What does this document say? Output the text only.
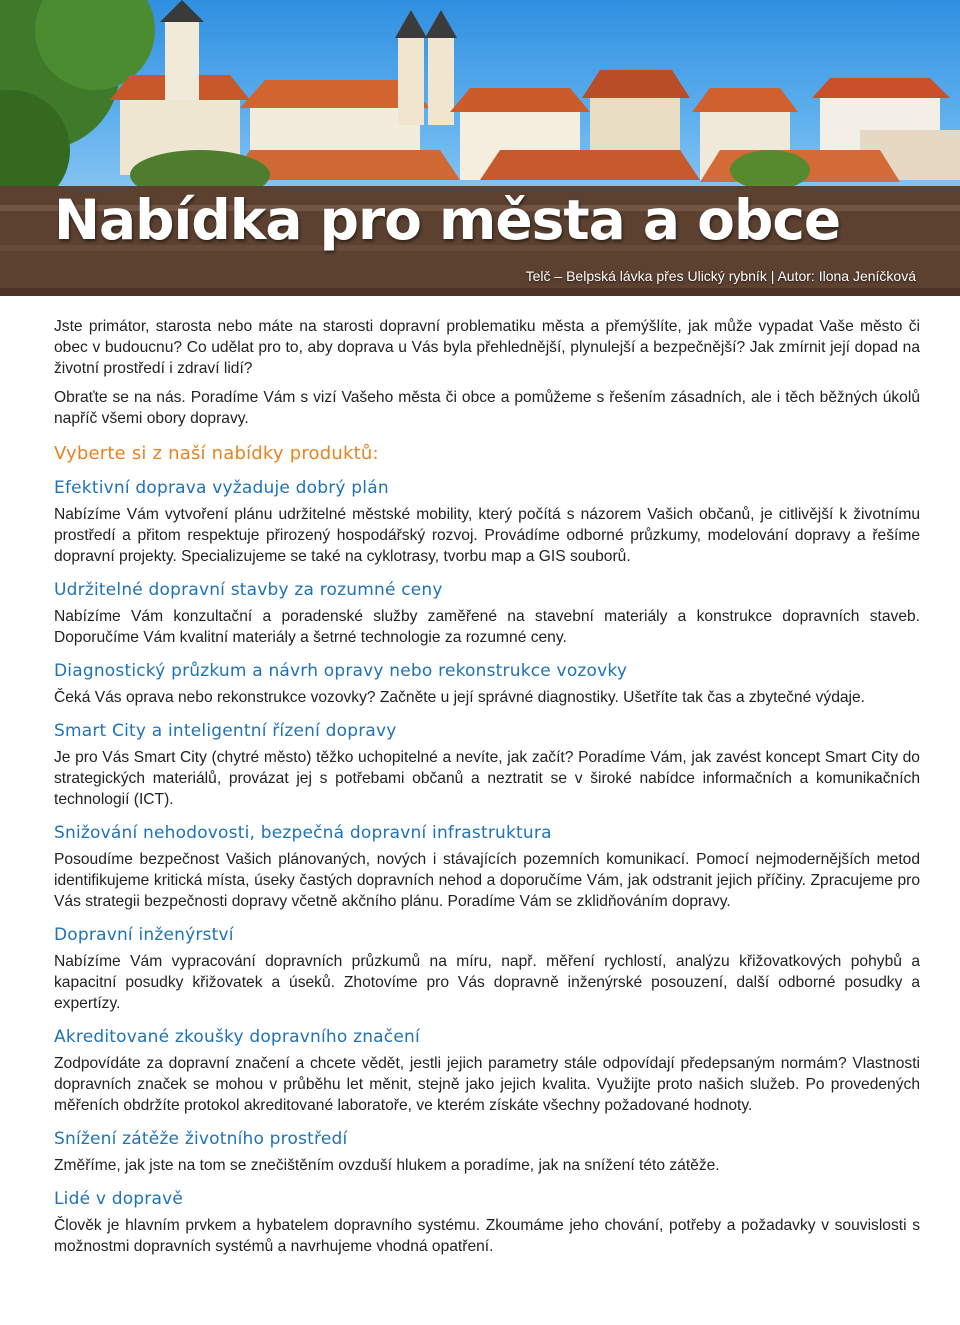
Nabídka pro města a obce
Telč – Belpská lávka přes Ulický rybník | Autor: Ilona Jeníčková

Jste primátor, starosta nebo máte na starosti dopravní problematiku města a přemýšlíte, jak může vypadat Vaše město či obec v budoucnu? Co udělat pro to, aby doprava u Vás byla přehlednější, plynulejší a bezpečnější? Jak zmírnit její dopad na životní prostředí i zdraví lidí?

Obraťte se na nás. Poradíme Vám s vizí Vašeho města či obce a pomůžeme s řešením zásadních, ale i těch běžných úkolů napříč všemi obory dopravy.

Vyberte si z naší nabídky produktů:
Efektivní doprava vyžaduje dobrý plán

Nabízíme Vám vytvoření plánu udržitelné městské mobility, který počítá s názorem Vašich občanů, je citlivější k životnímu prostředí a přitom respektuje přirozený hospodářský rozvoj. Provádíme odborné průzkumy, modelování dopravy a řešíme dopravní projekty. Specializujeme se také na cyklotrasy, tvorbu map a GIS souborů.

Udržitelné dopravní stavby za rozumné ceny

Nabízíme Vám konzultační a poradenské služby zaměřené na stavební materiály a konstrukce dopravních staveb. Doporučíme Vám kvalitní materiály a šetrné technologie za rozumné ceny.

Diagnostický průzkum a návrh opravy nebo rekonstrukce vozovky

Čeká Vás oprava nebo rekonstrukce vozovky? Začněte u její správné diagnostiky. Ušetříte tak čas a zbytečné výdaje.

Smart City a inteligentní řízení dopravy

Je pro Vás Smart City (chytré město) těžko uchopitelné a nevíte, jak začít? Poradíme Vám, jak zavést koncept Smart City do strategických materiálů, provázat jej s potřebami občanů a neztratit se v široké nabídce informačních a komunikačních technologií (ICT).

Snižování nehodovosti, bezpečná dopravní infrastruktura

Posoudíme bezpečnost Vašich plánovaných, nových i stávajících pozemních komunikací. Pomocí nejmodernějších metod identifikujeme kritická místa, úseky častých dopravních nehod a doporučíme Vám, jak odstranit jejich příčiny. Zpracujeme pro Vás strategii bezpečnosti dopravy včetně akčního plánu. Poradíme Vám se zklidňováním dopravy.

Dopravní inženýrství

Nabízíme Vám vypracování dopravních průzkumů na míru, např. měření rychlostí, analýzu křižovatkových pohybů a kapacitní posudky křižovatek a úseků. Zhotovíme pro Vás dopravně inženýrské posouzení, další odborné posudky a expertízy.

Akreditované zkoušky dopravního značení

Zodpovídáte za dopravní značení a chcete vědět, jestli jejich parametry stále odpovídají předepsaným normám? Vlastnosti dopravních značek se mohou v průběhu let měnit, stejně jako jejich kvalita. Využijte proto našich služeb. Po provedených měřeních obdržíte protokol akreditované laboratoře, ve kterém získáte všechny požadované hodnoty.

Snížení zátěže životního prostředí

Změříme, jak jste na tom se znečištěním ovzduší hlukem a poradíme, jak na snížení této zátěže.

Lidé v dopravě

Člověk je hlavním prvkem a hybatelem dopravního systému. Zkoumáme jeho chování, potřeby a požadavky v souvislosti s možnostmi dopravních systémů a navrhujeme vhodná opatření.
